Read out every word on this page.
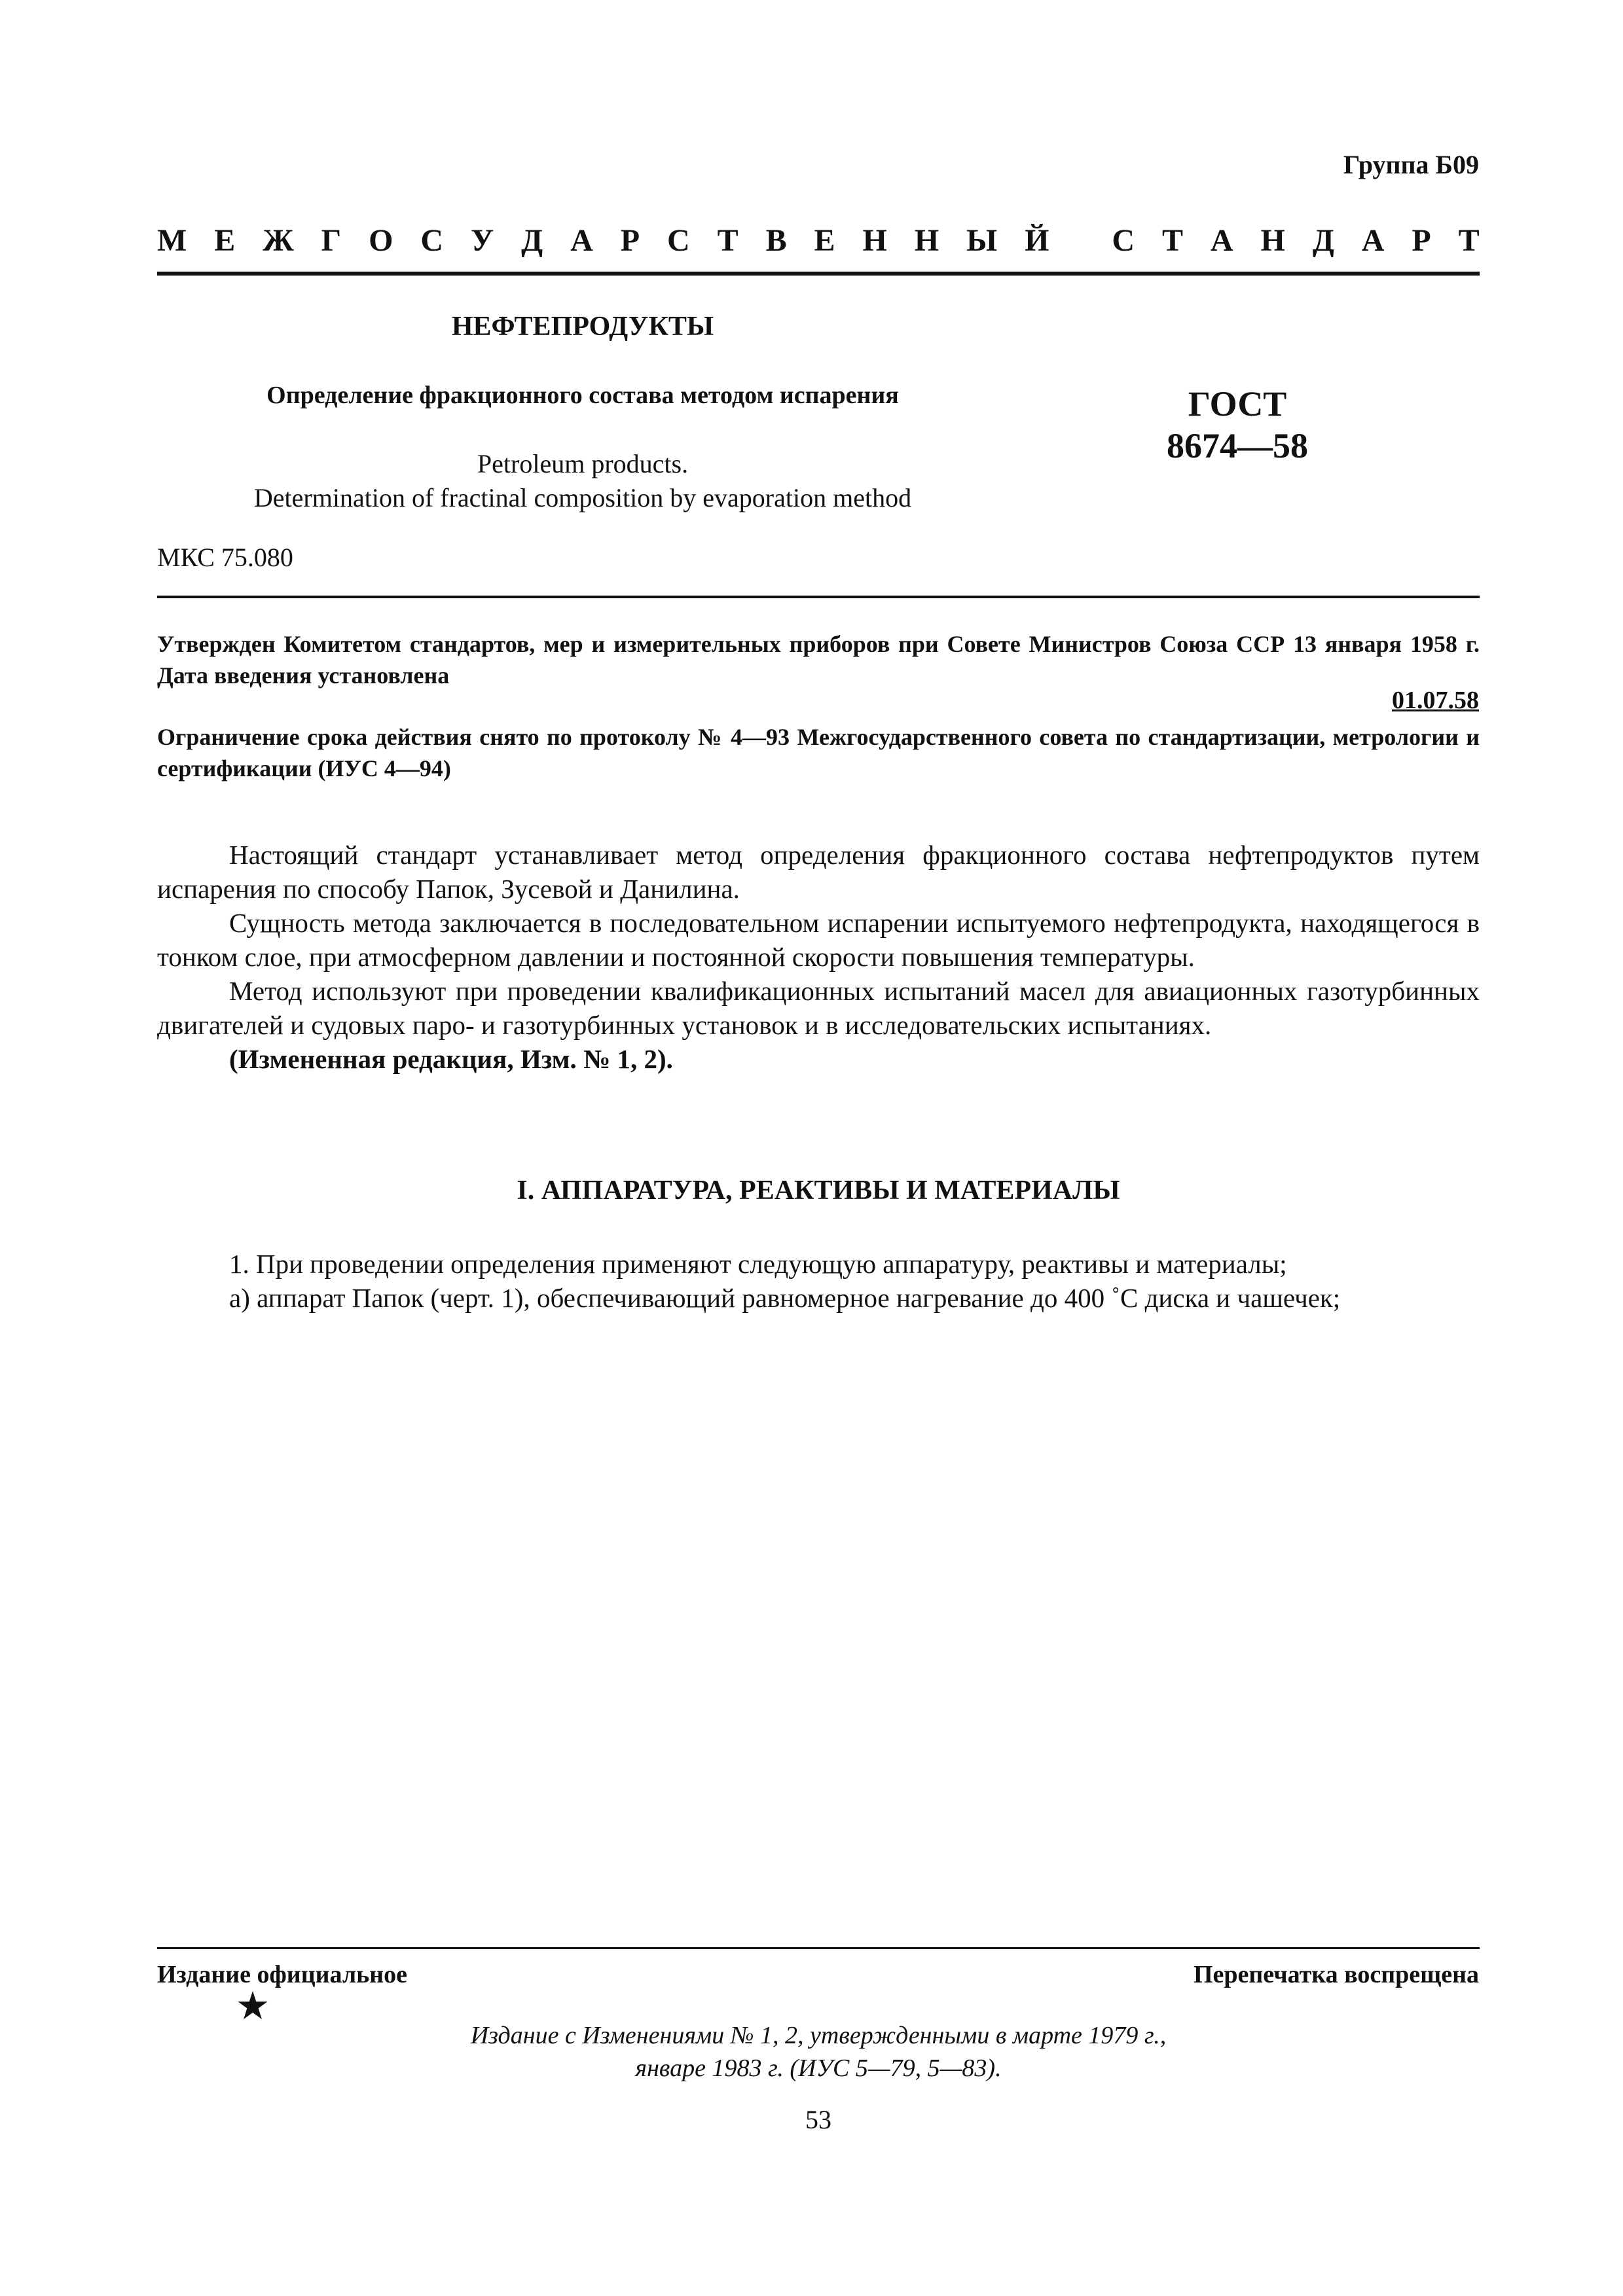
Группа Б09
М Е Ж Г О С У Д А Р С Т В Е Н Н Ы Й
С Т А Н Д А Р Т
НЕФТЕПРОДУКТЫ
Определение фракционного состава методом испарения
Petroleum products.
Determination of fractinal composition by evaporation method
ГОСТ
8674—58
МКС 75.080
Утвержден Комитетом стандартов, мер и измерительных приборов при Совете Министров Союза ССР 13 января 1958 г. Дата введения установлена
01.07.58
Ограничение срока действия снято по протоколу № 4—93 Межгосударственного совета по стандартизации, метрологии и сертификации (ИУС 4—94)

Настоящий стандарт устанавливает метод определения фракционного состава нефтепродуктов путем испарения по способу Папок, Зусевой и Данилина.

Сущность метода заключается в последовательном испарении испытуемого нефтепродукта, находящегося в тонком слое, при атмосферном давлении и постоянной скорости повышения температуры.

Метод используют при проведении квалификационных испытаний масел для авиационных газотурбинных двигателей и судовых паро- и газотурбинных установок и в исследовательских испытаниях.

(Измененная редакция, Изм. № 1, 2).

I. АППАРАТУРА, РЕАКТИВЫ И МАТЕРИАЛЫ

1. При проведении определения применяют следующую аппаратуру, реактивы и материалы;

а) аппарат Папок (черт. 1), обеспечивающий равномерное нагревание до 400 ˚С диска и чашечек;

Издание официальное	Перепечатка воспрещена
Издание с Изменениями № 1, 2, утвержденными в марте 1979 г.,
январе 1983 г. (ИУС 5—79, 5—83).
53
